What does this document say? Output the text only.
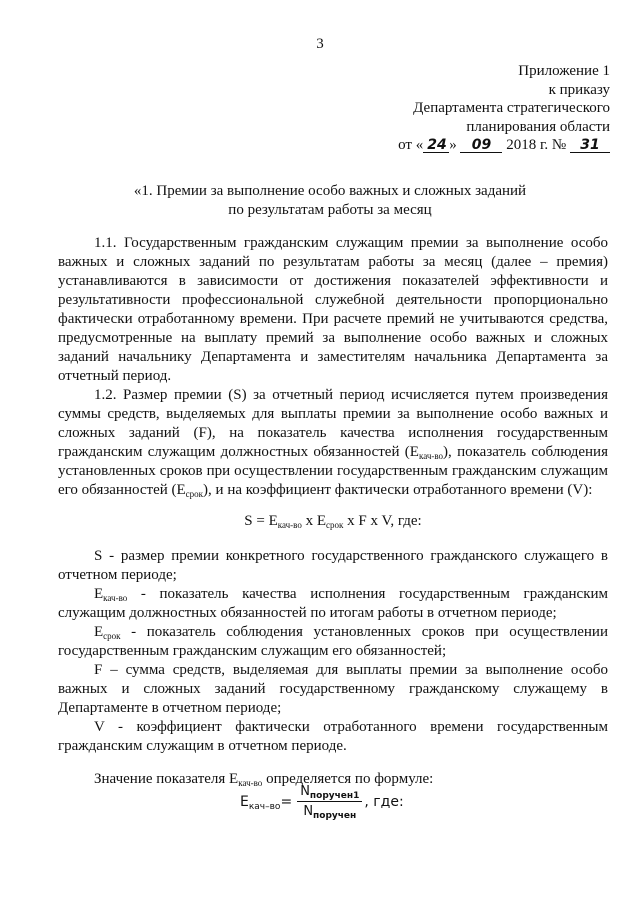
3
Приложение 1
к приказу
Департамента стратегического
планирования области
от « 24 » 09 2018 г. № 31
«1. Премии за выполнение особо важных и сложных заданий
по результатам работы за месяц

1.1. Государственным гражданским служащим премии за выполнение особо важных и сложных заданий по результатам работы за месяц (далее – премия) устанавливаются в зависимости от достижения показателей эффективности и результативности профессиональной служебной деятельности пропорционально фактически отработанному времени. При расчете премий не учитываются средства, предусмотренные на выплату премий за выполнение особо важных и сложных заданий начальнику Департамента и заместителям начальника Департамента за отчетный период.

1.2. Размер премии (S) за отчетный период исчисляется путем произведения суммы средств, выделяемых для выплаты премии за выполнение особо важных и сложных заданий (F), на показатель качества исполнения государственным гражданским служащим должностных обязанностей $(E_{кач-во})$, показатель соблюдения установленных сроков при осуществлении государственным гражданским служащим его обязанностей $(E_{срок})$, и на коэффициент фактически отработанного времени (V):

$S = E_{кач-во}$ x $E_{срок}$ x F x V, где:

S - размер премии конкретного государственного гражданского служащего в отчетном периоде;

$E_{кач-во}$ - показатель качества исполнения государственным гражданским служащим должностных обязанностей по итогам работы в отчетном периоде;

$E_{срок}$ - показатель соблюдения установленных сроков при осуществлении государственным гражданским служащим его обязанностей;

F – сумма средств, выделяемая для выплаты премии за выполнение особо важных и сложных заданий государственному гражданскому служащему в Департаменте в отчетном периоде;

V - коэффициент фактически отработанного времени государственным гражданским служащим в отчетном периоде.

Значение показателя $E_{кач-во}$ определяется по формуле:

$E_{кач-во} = \frac{N_{поручен1}}{N_{поручен}}$ , где:
